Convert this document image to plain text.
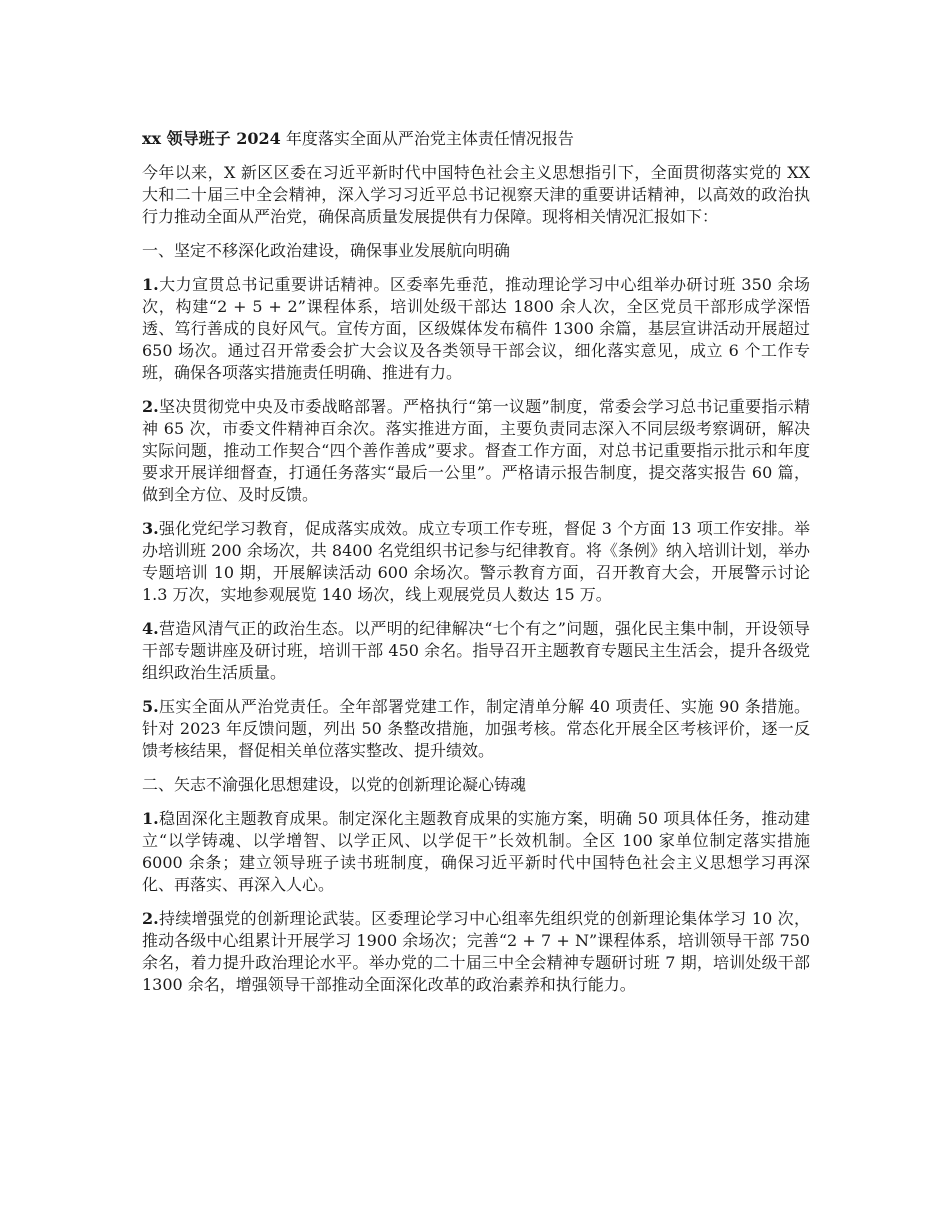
xx 领导班子 2024 年度落实全面从严治党主体责任情况报告

今年以来，X 新区区委在习近平新时代中国特色社会主义思想指引下，全面贯彻落实党的 XX 大和二十届三中全会精神，深入学习习近平总书记视察天津的重要讲话精神，以高效的政治执行力推动全面从严治党，确保高质量发展提供有力保障。现将相关情况汇报如下：

一、坚定不移深化政治建设，确保事业发展航向明确

1.大力宣贯总书记重要讲话精神。区委率先垂范，推动理论学习中心组举办研讨班 350 余场次，构建“2 + 5 + 2”课程体系，培训处级干部达 1800 余人次，全区党员干部形成学深悟透、笃行善成的良好风气。宣传方面，区级媒体发布稿件 1300 余篇，基层宣讲活动开展超过 650 场次。通过召开常委会扩大会议及各类领导干部会议，细化落实意见，成立 6 个工作专班，确保各项落实措施责任明确、推进有力。

2.坚决贯彻党中央及市委战略部署。严格执行“第一议题”制度，常委会学习总书记重要指示精神 65 次，市委文件精神百余次。落实推进方面，主要负责同志深入不同层级考察调研，解决实际问题，推动工作契合“四个善作善成”要求。督查工作方面，对总书记重要指示批示和年度要求开展详细督查，打通任务落实“最后一公里”。严格请示报告制度，提交落实报告 60 篇，做到全方位、及时反馈。

3.强化党纪学习教育，促成落实成效。成立专项工作专班，督促 3 个方面 13 项工作安排。举办培训班 200 余场次，共 8400 名党组织书记参与纪律教育。将《条例》纳入培训计划，举办专题培训 10 期，开展解读活动 600 余场次。警示教育方面，召开教育大会，开展警示讨论 1.3 万次，实地参观展览 140 场次，线上观展党员人数达 15 万。

4.营造风清气正的政治生态。以严明的纪律解决“七个有之”问题，强化民主集中制，开设领导干部专题讲座及研讨班，培训干部 450 余名。指导召开主题教育专题民主生活会，提升各级党组织政治生活质量。

5.压实全面从严治党责任。全年部署党建工作，制定清单分解 40 项责任、实施 90 条措施。针对 2023 年反馈问题，列出 50 条整改措施，加强考核。常态化开展全区考核评价，逐一反馈考核结果，督促相关单位落实整改、提升绩效。

二、矢志不渝强化思想建设，以党的创新理论凝心铸魂

1.稳固深化主题教育成果。制定深化主题教育成果的实施方案，明确 50 项具体任务，推动建立“以学铸魂、以学增智、以学正风、以学促干”长效机制。全区 100 家单位制定落实措施 6000 余条；建立领导班子读书班制度，确保习近平新时代中国特色社会主义思想学习再深化、再落实、再深入人心。

2.持续增强党的创新理论武装。区委理论学习中心组率先组织党的创新理论集体学习 10 次，推动各级中心组累计开展学习 1900 余场次；完善“2 + 7 + N”课程体系，培训领导干部 750 余名，着力提升政治理论水平。举办党的二十届三中全会精神专题研讨班 7 期，培训处级干部 1300 余名，增强领导干部推动全面深化改革的政治素养和执行能力。
